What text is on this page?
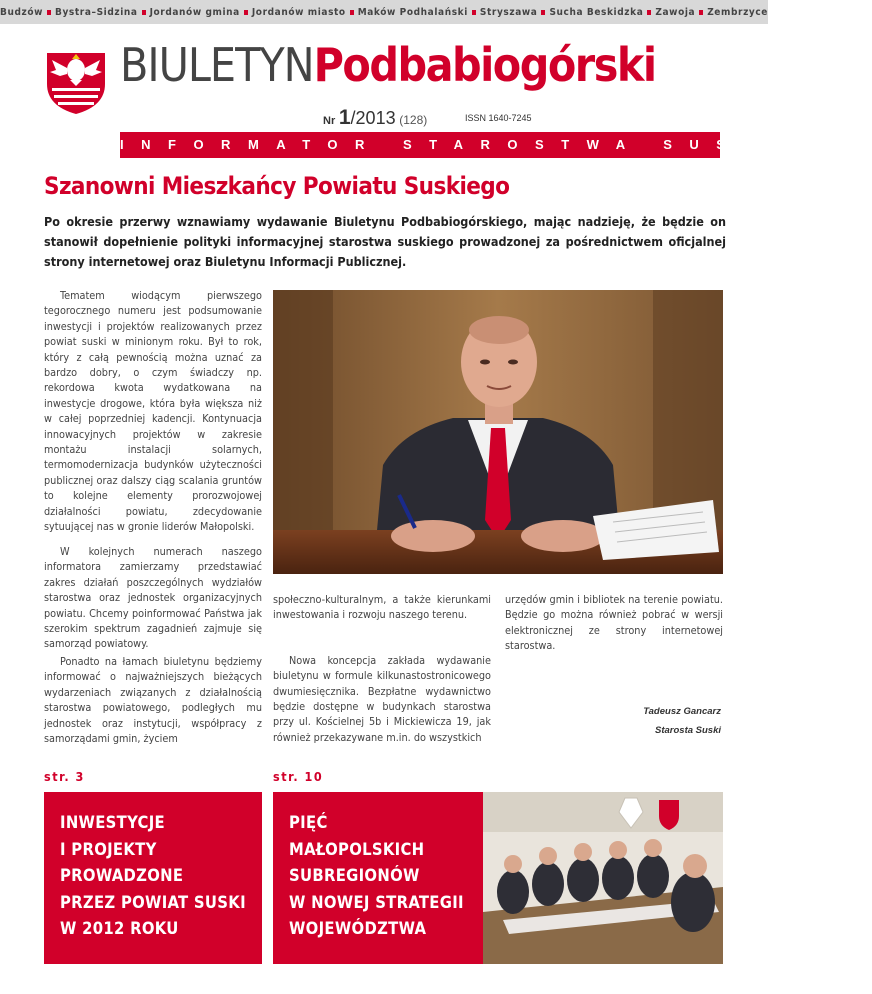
Budzów Bystra–Sidzina Jordanów gmina Jordanów miasto Maków Podhalański Stryszawa Sucha Beskidzka Zawoja Zembrzyce
BIULETYNPodbabiogórski
Nr 1/2013 (128)	ISSN 1640-7245
INFORMATOR STAROSTWA SUSKIEGO
Szanowni Mieszkańcy Powiatu Suskiego
Po okresie przerwy wznawiamy wydawanie Biuletynu Podbabiogórskiego, mając nadzieję, że będzie on stanowił dopełnienie polityki informacyjnej starostwa suskiego prowadzonej za pośrednictwem oficjalnej strony internetowej oraz Biuletynu Informacji Publicznej.

Tematem wiodącym pierwszego tegorocznego numeru jest podsumowanie inwestycji i projektów realizowanych przez powiat suski w minionym roku. Był to rok, który z całą pewnością można uznać za bardzo dobry, o czym świadczy np. rekordowa kwota wydatkowana na inwestycje drogowe, która była większa niż w całej poprzedniej kadencji. Kontynuacja innowacyjnych projektów w zakresie montażu instalacji solarnych, termomodernizacja budynków użyteczności publicznej oraz dalszy ciąg scalania gruntów to kolejne elementy prorozwojowej działalności powiatu, zdecydowanie sytuującej nas w gronie liderów Małopolski.

W kolejnych numerach naszego informatora zamierzamy przedstawiać zakres działań poszczególnych wydziałów starostwa oraz jednostek organizacyjnych powiatu. Chcemy poinformować Państwa jak szerokim spektrum zagadnień zajmuje się samorząd powiatowy.

Ponadto na łamach biuletynu będziemy informować o najważniejszych bieżących wydarzeniach związanych z działalnością starostwa powiatowego, podległych mu jednostek oraz instytucji, współpracy z samorządami gmin, życiem

społeczno-kulturalnym, a także kierunkami inwestowania i rozwoju naszego terenu.

Nowa koncepcja zakłada wydawanie biuletynu w formule kilkunastostronicowego dwumiesięcznika. Bezpłatne wydawnictwo będzie dostępne w budynkach starostwa przy ul. Kościelnej 5b i Mickiewicza 19, jak również przekazywane m.in. do wszystkich

urzędów gmin i bibliotek na terenie powiatu. Będzie go można również pobrać w wersji elektronicznej ze strony internetowej starostwa.

Tadeusz Gancarz
Starosta Suski
str. 3	str. 10
INWESTYCJE
I PROJEKTY
PROWADZONE
PRZEZ POWIAT SUSKI
W 2012 ROKU
PIĘĆ
MAŁOPOLSKICH
SUBREGIONÓW
W NOWEJ STRATEGII
WOJEWÓDZTWA
